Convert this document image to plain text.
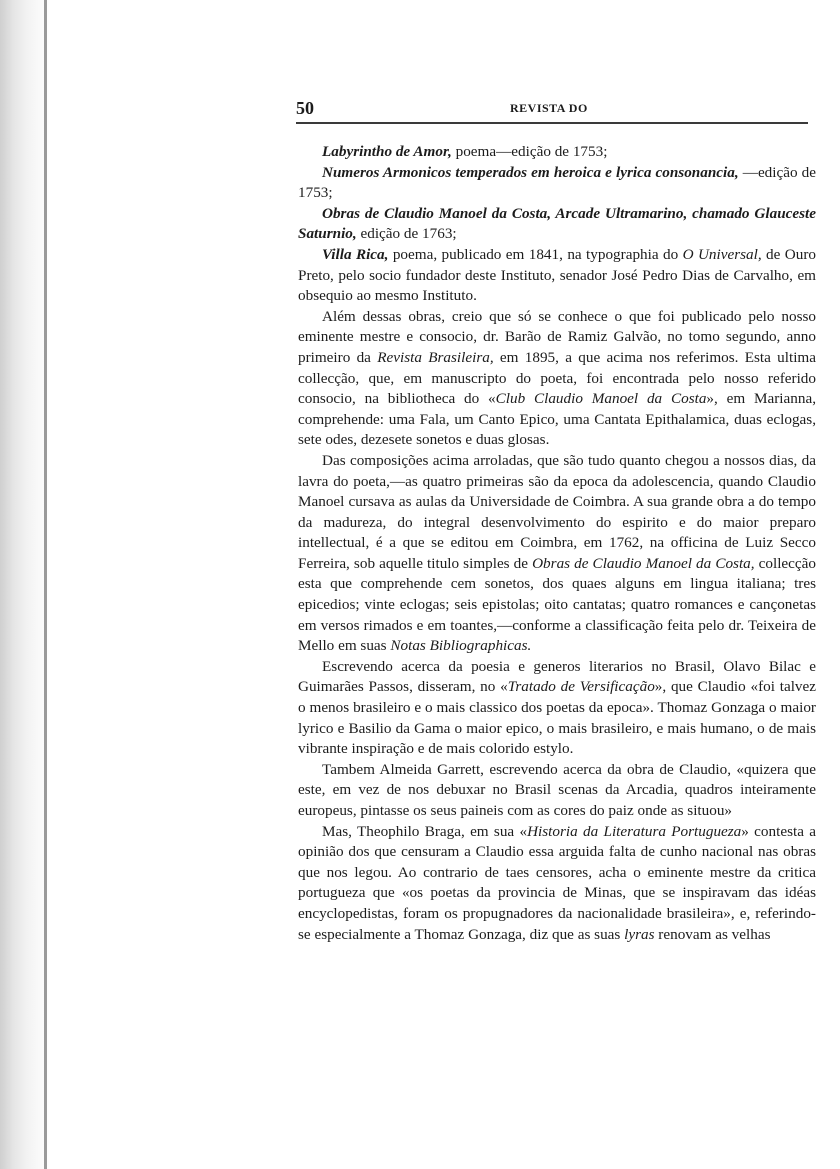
50	REVISTA DO

Labyrintho de Amor, poema—edição de 1753;

Numeros Armonicos temperados em heroica e lyrica consonancia, —edição de 1753;

Obras de Claudio Manoel da Costa, Arcade Ultramarino, chamado Glauceste Saturnio, edição de 1763;

Villa Rica, poema, publicado em 1841, na typographia do O Universal, de Ouro Preto, pelo socio fundador deste Instituto, senador José Pedro Dias de Carvalho, em obsequio ao mesmo Instituto.

Além dessas obras, creio que só se conhece o que foi publicado pelo nosso eminente mestre e consocio, dr. Barão de Ramiz Galvão, no tomo segundo, anno primeiro da Revista Brasileira, em 1895, a que acima nos referimos. Esta ultima collecção, que, em manuscripto do poeta, foi encontrada pelo nosso referido consocio, na bibliotheca do «Club Claudio Manoel da Costa», em Marianna, comprehende: uma Fala, um Canto Epico, uma Cantata Epithalamica, duas eclogas, sete odes, dezesete sonetos e duas glosas.

Das composições acima arroladas, que são tudo quanto chegou a nossos dias, da lavra do poeta,—as quatro primeiras são da epoca da adolescencia, quando Claudio Manoel cursava as aulas da Universidade de Coimbra. A sua grande obra a do tempo da madureza, do integral desenvolvimento do espirito e do maior preparo intellectual, é a que se editou em Coimbra, em 1762, na officina de Luiz Secco Ferreira, sob aquelle titulo simples de Obras de Claudio Manoel da Costa, collecção esta que comprehende cem sonetos, dos quaes alguns em lingua italiana; tres epicedios; vinte eclogas; seis epistolas; oito cantatas; quatro romances e cançonetas em versos rimados e em toantes,—conforme a classificação feita pelo dr. Teixeira de Mello em suas Notas Bibliographicas.

Escrevendo acerca da poesia e generos literarios no Brasil, Olavo Bilac e Guimarães Passos, disseram, no «Tratado de Versificação», que Claudio «foi talvez o menos brasileiro e o mais classico dos poetas da epoca». Thomaz Gonzaga o maior lyrico e Basilio da Gama o maior epico, o mais brasileiro, e mais humano, o de mais vibrante inspiração e de mais colorido estylo.

Tambem Almeida Garrett, escrevendo acerca da obra de Claudio, «quizera que este, em vez de nos debuxar no Brasil scenas da Arcadia, quadros inteiramente europeus, pintasse os seus paineis com as cores do paiz onde as situou»

Mas, Theophilo Braga, em sua «Historia da Literatura Portugueza» contesta a opinião dos que censuram a Claudio essa arguida falta de cunho nacional nas obras que nos legou. Ao contrario de taes censores, acha o eminente mestre da critica portugueza que «os poetas da provincia de Minas, que se inspiravam das idéas encyclopedistas, foram os propugnadores da nacionalidade brasileira», e, referindo-se especialmente a Thomaz Gonzaga, diz que as suas lyras renovam as velhas
